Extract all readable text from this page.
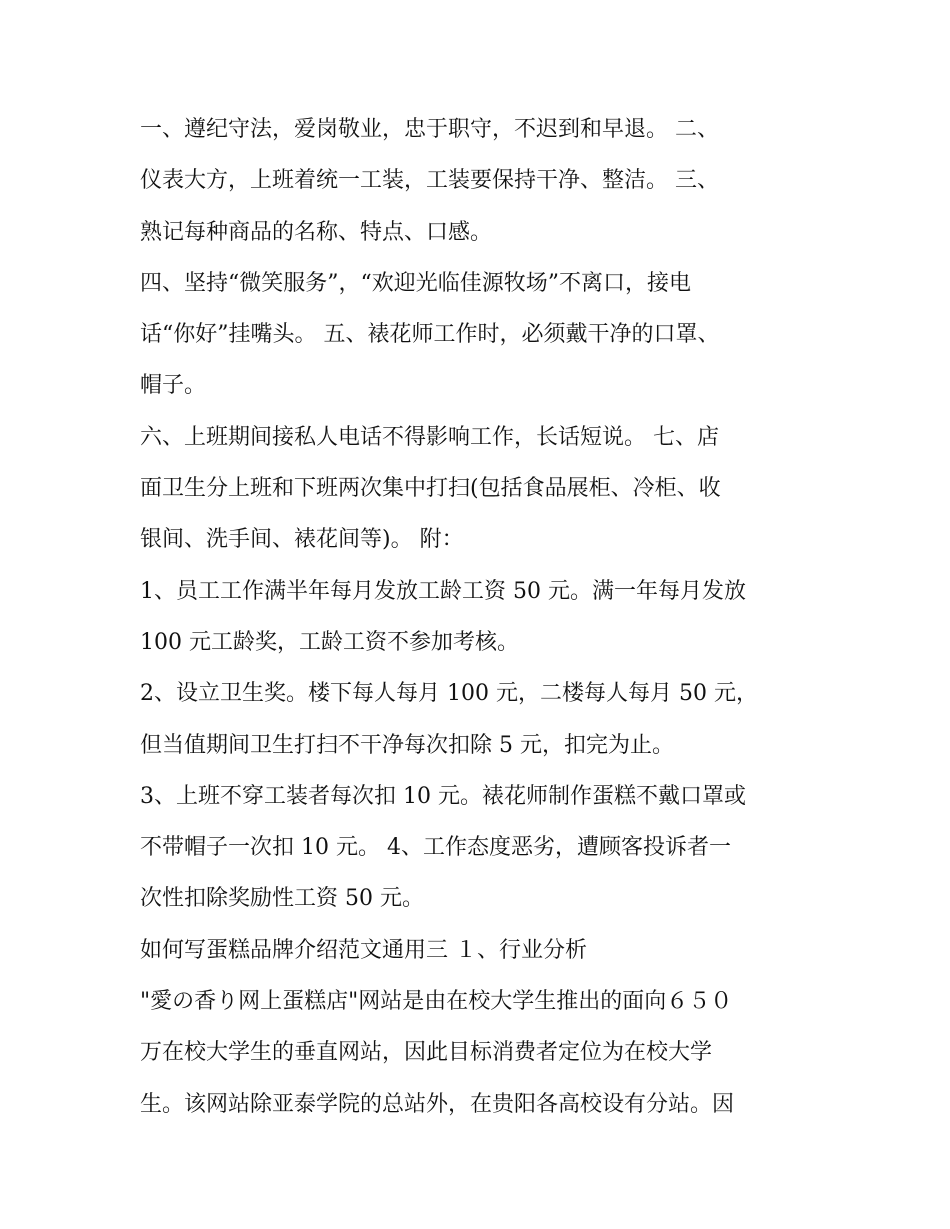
一、遵纪守法，爱岗敬业，忠于职守，不迟到和早退。 二、
仪表大方，上班着统一工装，工装要保持干净、整洁。 三、
熟记每种商品的名称、特点、口感。
四、坚持“微笑服务”，“欢迎光临佳源牧场”不离口，接电
话“你好”挂嘴头。 五、裱花师工作时，必须戴干净的口罩、
帽子。
六、上班期间接私人电话不得影响工作，长话短说。 七、店
面卫生分上班和下班两次集中打扫(包括食品展柜、冷柜、收
银间、洗手间、裱花间等)。 附：
1、员工工作满半年每月发放工龄工资 50 元。满一年每月发放
100 元工龄奖，工龄工资不参加考核。
2、设立卫生奖。楼下每人每月 100 元，二楼每人每月 50 元，
但当值期间卫生打扫不干净每次扣除 5 元，扣完为止。
3、上班不穿工装者每次扣 10 元。裱花师制作蛋糕不戴口罩或
不带帽子一次扣 10 元。 4、工作态度恶劣，遭顾客投诉者一
次性扣除奖励性工资 50 元。
如何写蛋糕品牌介绍范文通用三 １、行业分析
"愛の香り网上蛋糕店"网站是由在校大学生推出的面向６５０
万在校大学生的垂直网站，因此目标消费者定位为在校大学
生。该网站除亚泰学院的总站外，在贵阳各高校设有分站。因
